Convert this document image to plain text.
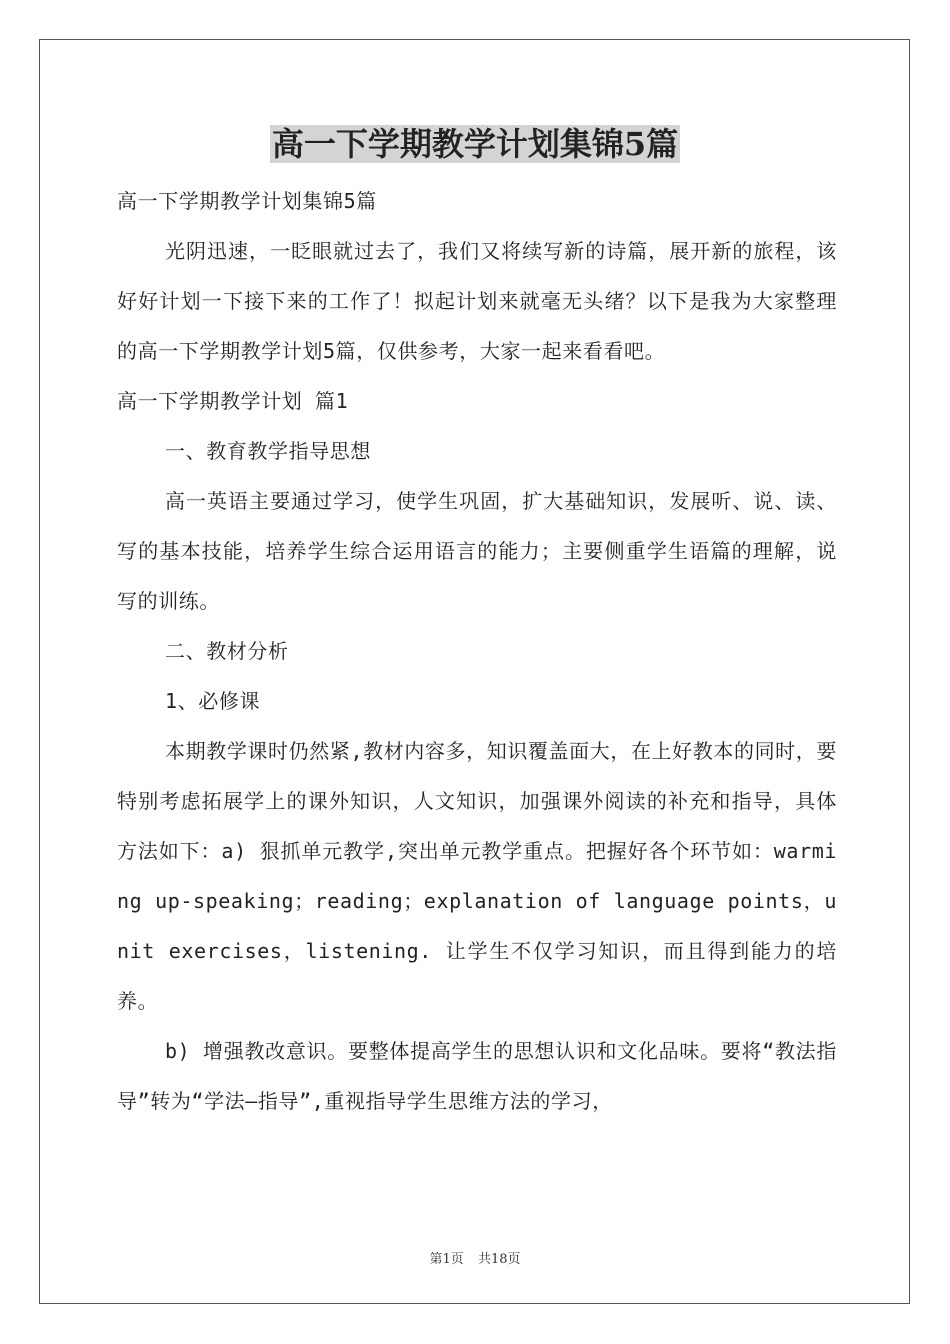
高一下学期教学计划集锦5篇

高一下学期教学计划集锦5篇

光阴迅速，一眨眼就过去了，我们又将续写新的诗篇，展开新的旅程，该好好计划一下接下来的工作了！拟起计划来就毫无头绪？以下是我为大家整理的高一下学期教学计划5篇，仅供参考，大家一起来看看吧。

高一下学期教学计划 篇1

一、教育教学指导思想

高一英语主要通过学习，使学生巩固，扩大基础知识，发展听、说、读、写的基本技能，培养学生综合运用语言的能力；主要侧重学生语篇的理解，说写的训练。

二、教材分析

1、必修课

本期教学课时仍然紧,教材内容多，知识覆盖面大，在上好教本的同时，要特别考虑拓展学上的课外知识，人文知识，加强课外阅读的补充和指导，具体方法如下：a) 狠抓单元教学,突出单元教学重点。把握好各个环节如：warming up-speaking；reading；explanation of language points，unit exercises，listening. 让学生不仅学习知识，而且得到能力的培养。

b) 增强教改意识。要整体提高学生的思想认识和文化品味。要将“教法指导”转为“学法—指导”,重视指导学生思维方法的学习，

第1页 共18页
